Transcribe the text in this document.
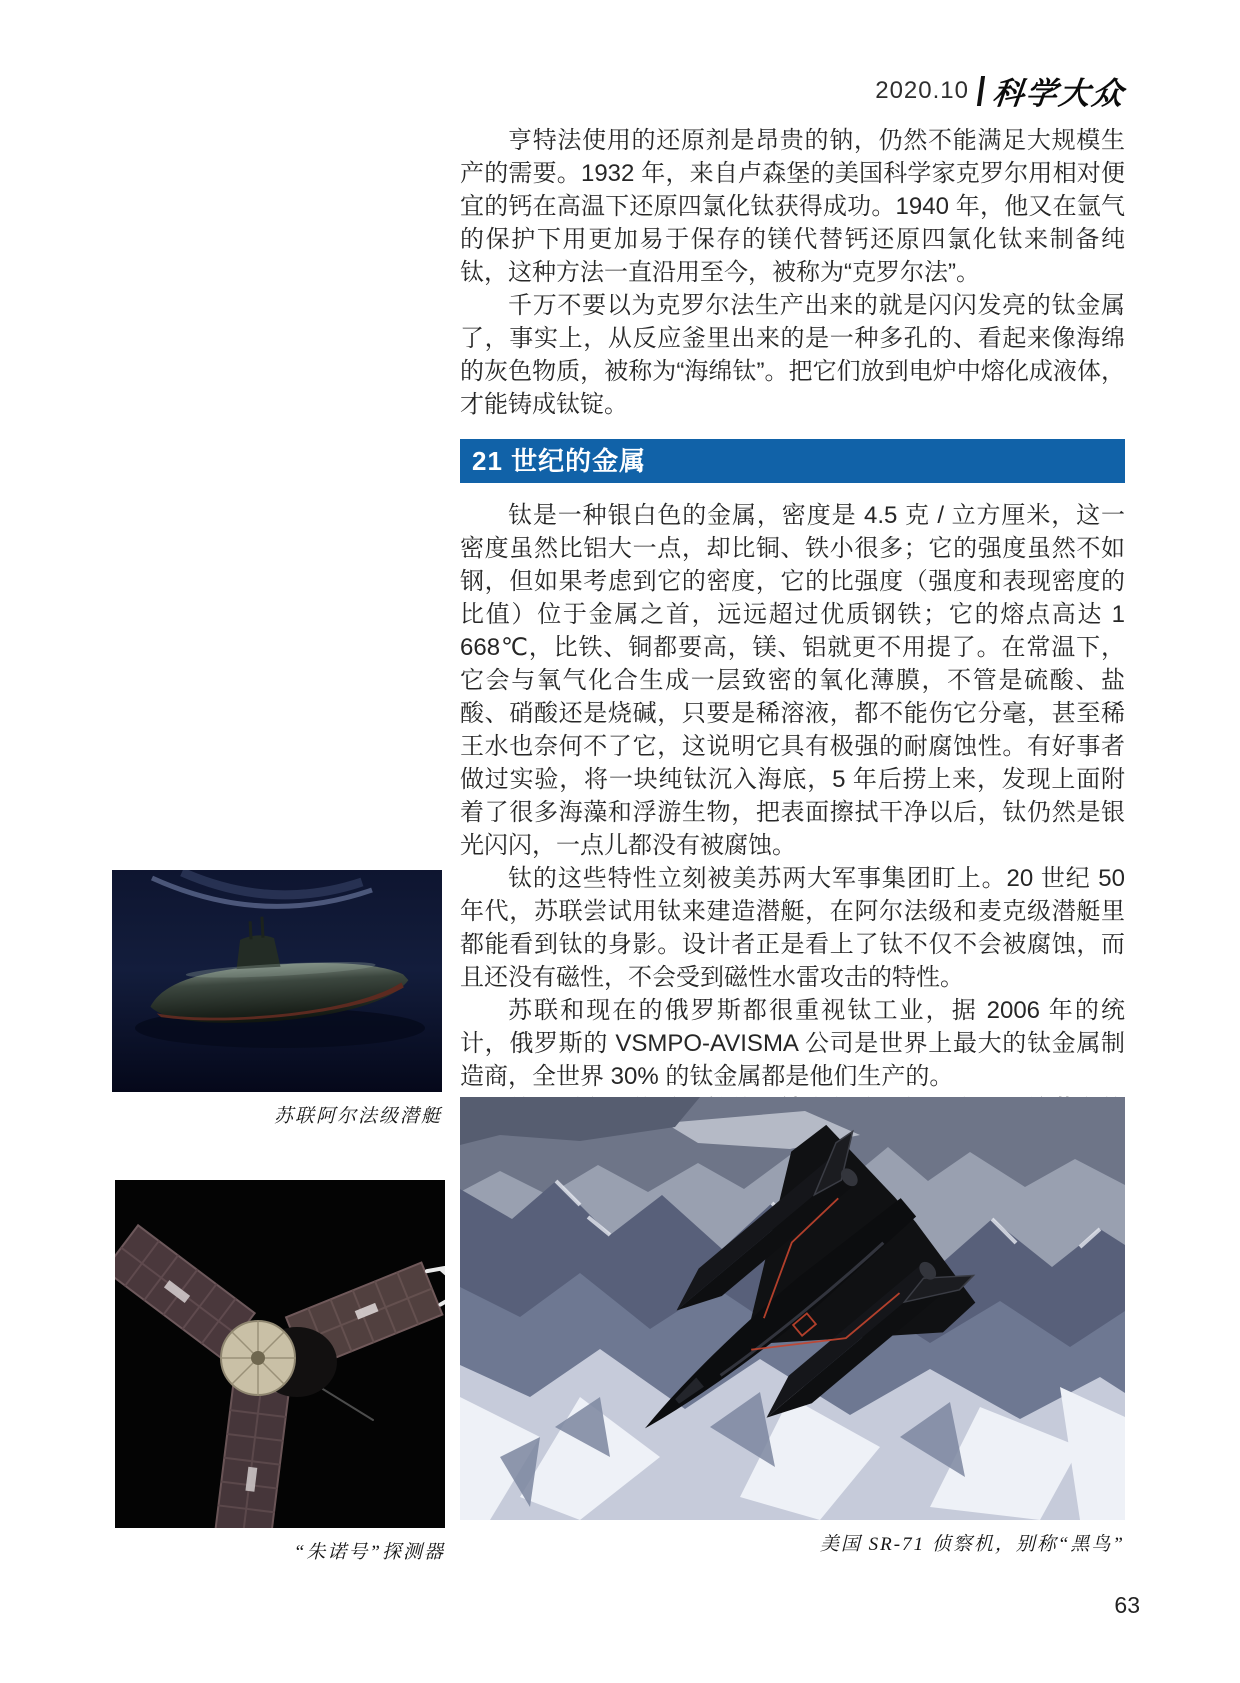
2020.10 科学大众

亨特法使用的还原剂是昂贵的钠，仍然不能满足大规模生产的需要。1932 年，来自卢森堡的美国科学家克罗尔用相对便宜的钙在高温下还原四氯化钛获得成功。1940 年，他又在氩气的保护下用更加易于保存的镁代替钙还原四氯化钛来制备纯钛，这种方法一直沿用至今，被称为“克罗尔法”。

千万不要以为克罗尔法生产出来的就是闪闪发亮的钛金属了，事实上，从反应釜里出来的是一种多孔的、看起来像海绵的灰色物质，被称为“海绵钛”。把它们放到电炉中熔化成液体，才能铸成钛锭。

21 世纪的金属

钛是一种银白色的金属，密度是 4.5 克 / 立方厘米，这一密度虽然比铝大一点，却比铜、铁小很多；它的强度虽然不如钢，但如果考虑到它的密度，它的比强度（强度和表现密度的比值）位于金属之首，远远超过优质钢铁；它的熔点高达 1 668℃，比铁、铜都要高，镁、铝就更不用提了。在常温下，它会与氧气化合生成一层致密的氧化薄膜，不管是硫酸、盐酸、硝酸还是烧碱，只要是稀溶液，都不能伤它分毫，甚至稀王水也奈何不了它，这说明它具有极强的耐腐蚀性。有好事者做过实验，将一块纯钛沉入海底，5 年后捞上来，发现上面附着了很多海藻和浮游生物，把表面擦拭干净以后，钛仍然是银光闪闪，一点儿都没有被腐蚀。

钛的这些特性立刻被美苏两大军事集团盯上。20 世纪 50 年代，苏联尝试用钛来建造潜艇，在阿尔法级和麦克级潜艇里都能看到钛的身影。设计者正是看上了钛不仅不会被腐蚀，而且还没有磁性，不会受到磁性水雷攻击的特性。

苏联和现在的俄罗斯都很重视钛工业，据 2006 年的统计，俄罗斯的 VSMPO-AVISMA 公司是世界上最大的钛金属制造商，全世界 30% 的钛金属都是他们生产的。

苏联阿尔法级潜艇
“朱诺号”探测器	美国 SR-71 侦察机，别称“黑鸟”
63
